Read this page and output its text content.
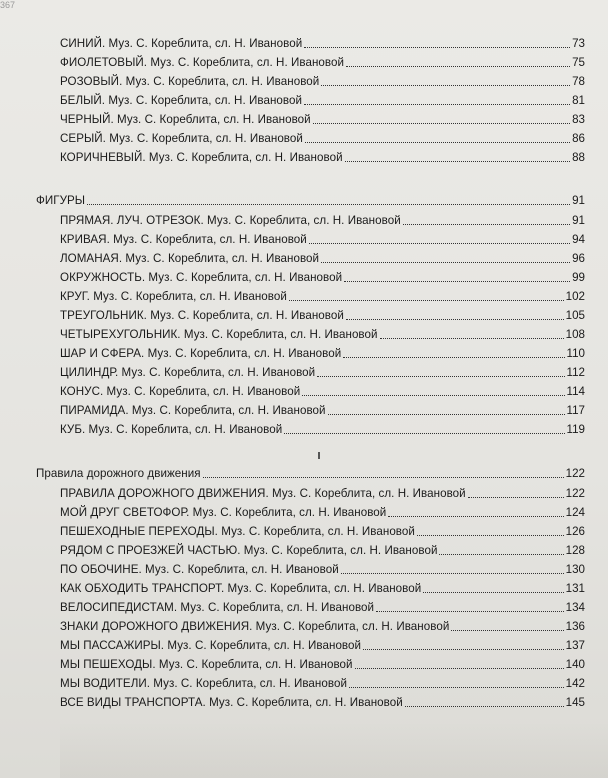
367
СИНИЙ. Муз. С. Кореблита, сл. Н. Ивановой	73
ФИОЛЕТОВЫЙ. Муз. С. Кореблита, сл. Н. Ивановой	75
РОЗОВЫЙ. Муз. С. Кореблита, сл. Н. Ивановой	78
БЕЛЫЙ. Муз. С. Кореблита, сл. Н. Ивановой	81
ЧЕРНЫЙ. Муз. С. Кореблита, сл. Н. Ивановой	83
СЕРЫЙ. Муз. С. Кореблита, сл. Н. Ивановой	86
КОРИЧНЕВЫЙ. Муз. С. Кореблита, сл. Н. Ивановой	88
ФИГУРЫ	91
ПРЯМАЯ. ЛУЧ. ОТРЕЗОК. Муз. С. Кореблита, сл. Н. Ивановой	91
КРИВАЯ. Муз. С. Кореблита, сл. Н. Ивановой	94
ЛОМАНАЯ. Муз. С. Кореблита, сл. Н. Ивановой	96
ОКРУЖНОСТЬ. Муз. С. Кореблита, сл. Н. Ивановой	99
КРУГ. Муз. С. Кореблита, сл. Н. Ивановой	102
ТРЕУГОЛЬНИК. Муз. С. Кореблита, сл. Н. Ивановой	105
ЧЕТЫРЕХУГОЛЬНИК. Муз. С. Кореблита, сл. Н. Ивановой	108
ШАР И СФЕРА. Муз. С. Кореблита, сл. Н. Ивановой	110
ЦИЛИНДР. Муз. С. Кореблита, сл. Н. Ивановой	112
КОНУС. Муз. С. Кореблита, сл. Н. Ивановой	114
ПИРАМИДА. Муз. С. Кореблита, сл. Н. Ивановой	117
КУБ. Муз. С. Кореблита, сл. Н. Ивановой	119
Правила дорожного движения	122
ПРАВИЛА ДОРОЖНОГО ДВИЖЕНИЯ. Муз. С. Кореблита, сл. Н. Ивановой	122
МОЙ ДРУГ СВЕТОФОР. Муз. С. Кореблита, сл. Н. Ивановой	124
ПЕШЕХОДНЫЕ ПЕРЕХОДЫ. Муз. С. Кореблита, сл. Н. Ивановой	126
РЯДОМ С ПРОЕЗЖЕЙ ЧАСТЬЮ. Муз. С. Кореблита, сл. Н. Ивановой	128
ПО ОБОЧИНЕ. Муз. С. Кореблита, сл. Н. Ивановой	130
КАК ОБХОДИТЬ ТРАНСПОРТ. Муз. С. Кореблита, сл. Н. Ивановой	131
ВЕЛОСИПЕДИСТАМ. Муз. С. Кореблита, сл. Н. Ивановой	134
ЗНАКИ ДОРОЖНОГО ДВИЖЕНИЯ. Муз. С. Кореблита, сл. Н. Ивановой	136
МЫ ПАССАЖИРЫ. Муз. С. Кореблита, сл. Н. Ивановой	137
МЫ ПЕШЕХОДЫ. Муз. С. Кореблита, сл. Н. Ивановой	140
МЫ ВОДИТЕЛИ. Муз. С. Кореблита, сл. Н. Ивановой	142
ВСЕ ВИДЫ ТРАНСПОРТА. Муз. С. Кореблита, сл. Н. Ивановой	145
